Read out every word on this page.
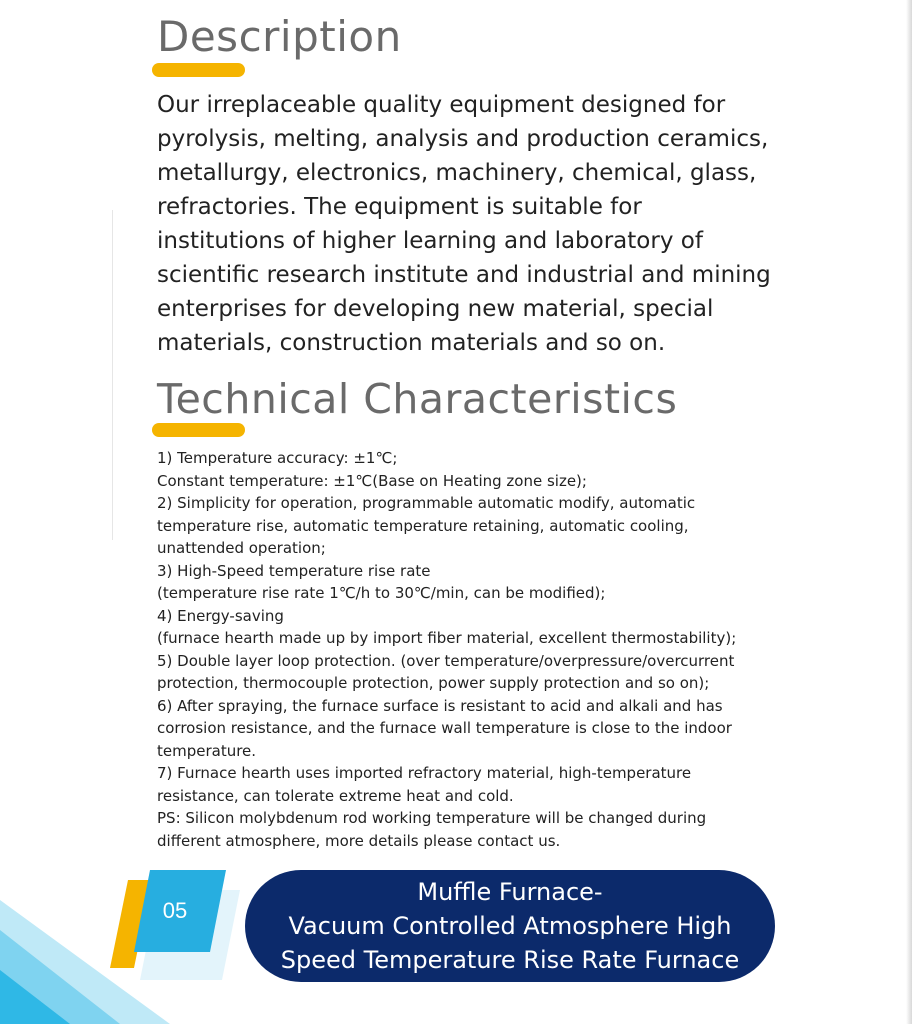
Description

Our irreplaceable quality equipment designed for pyrolysis, melting, analysis and production ceramics, metallurgy, electronics, machinery, chemical, glass, refractories. The equipment is suitable for institutions of higher learning and laboratory of scientific research institute and industrial and mining enterprises for developing new material, special materials, construction materials and so on.

Technical Characteristics
1) Temperature accuracy: ±1℃;
Constant temperature: ±1℃(Base on Heating zone size);
2) Simplicity for operation, programmable automatic modify, automatic
temperature rise, automatic temperature retaining, automatic cooling,
unattended operation;
3) High-Speed temperature rise rate
(temperature rise rate 1℃/h to 30℃/min, can be modified);
4) Energy-saving
(furnace hearth made up by import fiber material, excellent thermostability);
5) Double layer loop protection. (over temperature/overpressure/overcurrent
protection, thermocouple protection, power supply protection and so on);
6) After spraying, the furnace surface is resistant to acid and alkali and has
corrosion resistance, and the furnace wall temperature is close to the indoor
temperature.
7) Furnace hearth uses imported refractory material, high-temperature
resistance, can tolerate extreme heat and cold.
PS: Silicon molybdenum rod working temperature will be changed during
different atmosphere, more details please contact us.
05
Muffle Furnace-
Vacuum Controlled Atmosphere High
Speed Temperature Rise Rate Furnace
